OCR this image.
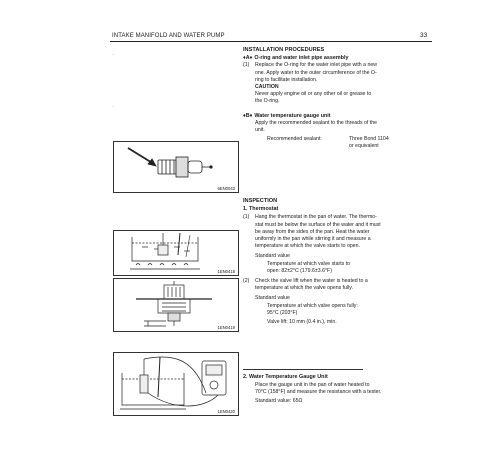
INTAKE MANIFOLD AND WATER PUMP	33
·
·
INSTALLATION PROCEDURES
♦A♦ O-ring and water inlet pipe assembly
(1)	Replace the O-ring for the water inlet pipe with a new
one. Apply water to the outer circumference of the O-
ring to facilitate installation.
CAUTION
Never apply engine oil or any other oil or grease to
the O-ring.
♦B♦ Water temperature gauge unit
Apply the recommended sealant to the threads of the
unit.
Recommended sealant:	Three Bond 1104
or equivalent
INSPECTION
1. Thermostat
(1)	Hang the thermostat in the pan of water. The thermo-
stat must be below the surface of the water and it must
be away from the sides of the pan. Heat the water
uniformly in the pan while stirring it and measure a
temperature at which the valve starts to open.
Standard value
Temperature at which valve starts to
open: 82±2°C (179.6±3.6°F)
(2)	Check the valve lift when the water is heated to a
temperature at which the valve opens fully.
Standard value
Temperature at which valve opens fully:
95°C (203°F)
Valve lift: 10 mm (0.4 in.), min.
2. Water Temperature Gauge Unit
Place the gauge unit in the pan of water heated to
70°C (158°F) and measure the resistance with a tester.
Standard value: 65Ω
6EN0043
1EN0418
1EN0419
1EN0420
